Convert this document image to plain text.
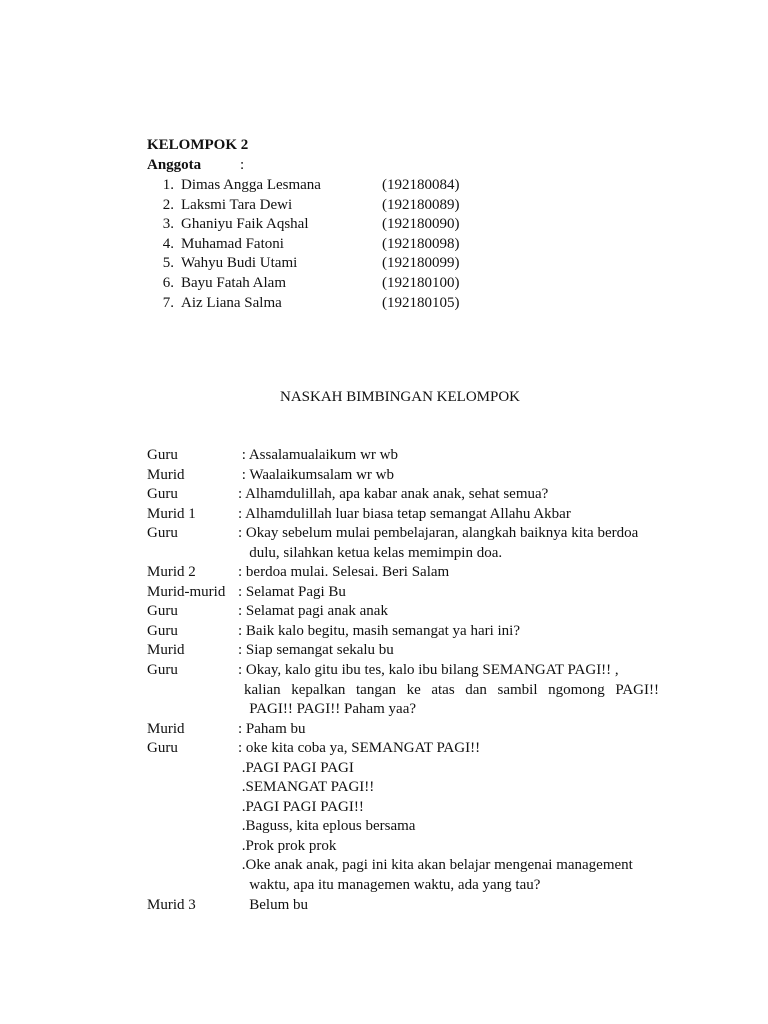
KELOMPOK 2
Anggota	:
1. Dimas Angga Lesmana	(192180084)
2. Laksmi Tara Dewi	(192180089)
3. Ghaniyu Faik Aqshal	(192180090)
4. Muhamad Fatoni	(192180098)
5. Wahyu Budi Utami	(192180099)
6. Bayu Fatah Alam	(192180100)
7. Aiz Liana Salma	(192180105)
NASKAH BIMBINGAN KELOMPOK
Guru	: Assalamualaikum wr wb
Murid	: Waalaikumsalam wr wb
Guru	: Alhamdulillah, apa kabar anak anak, sehat semua?
Murid 1	: Alhamdulillah luar biasa tetap semangat Allahu Akbar
Guru	: Okay sebelum mulai pembelajaran, alangkah baiknya kita berdoa
dulu, silahkan ketua kelas memimpin doa.
Murid 2	: berdoa mulai. Selesai. Beri Salam
Murid-murid : Selamat Pagi Bu
Guru	: Selamat pagi anak anak
Guru	: Baik kalo begitu, masih semangat ya hari ini?
Murid	: Siap semangat sekalu bu
Guru	: Okay, kalo gitu ibu tes, kalo ibu bilang SEMANGAT PAGI!! ,
kalian kepalkan tangan ke atas dan sambil ngomong PAGI!!
PAGI!! PAGI!! Paham yaa?
Murid	: Paham bu
Guru	: oke kita coba ya, SEMANGAT PAGI!!
.PAGI PAGI PAGI
.SEMANGAT PAGI!!
.PAGI PAGI PAGI!!
.Baguss, kita eplous bersama
.Prok prok prok
.Oke anak anak, pagi ini kita akan belajar mengenai management
waktu, apa itu managemen waktu, ada yang tau?
Murid 3	Belum bu
